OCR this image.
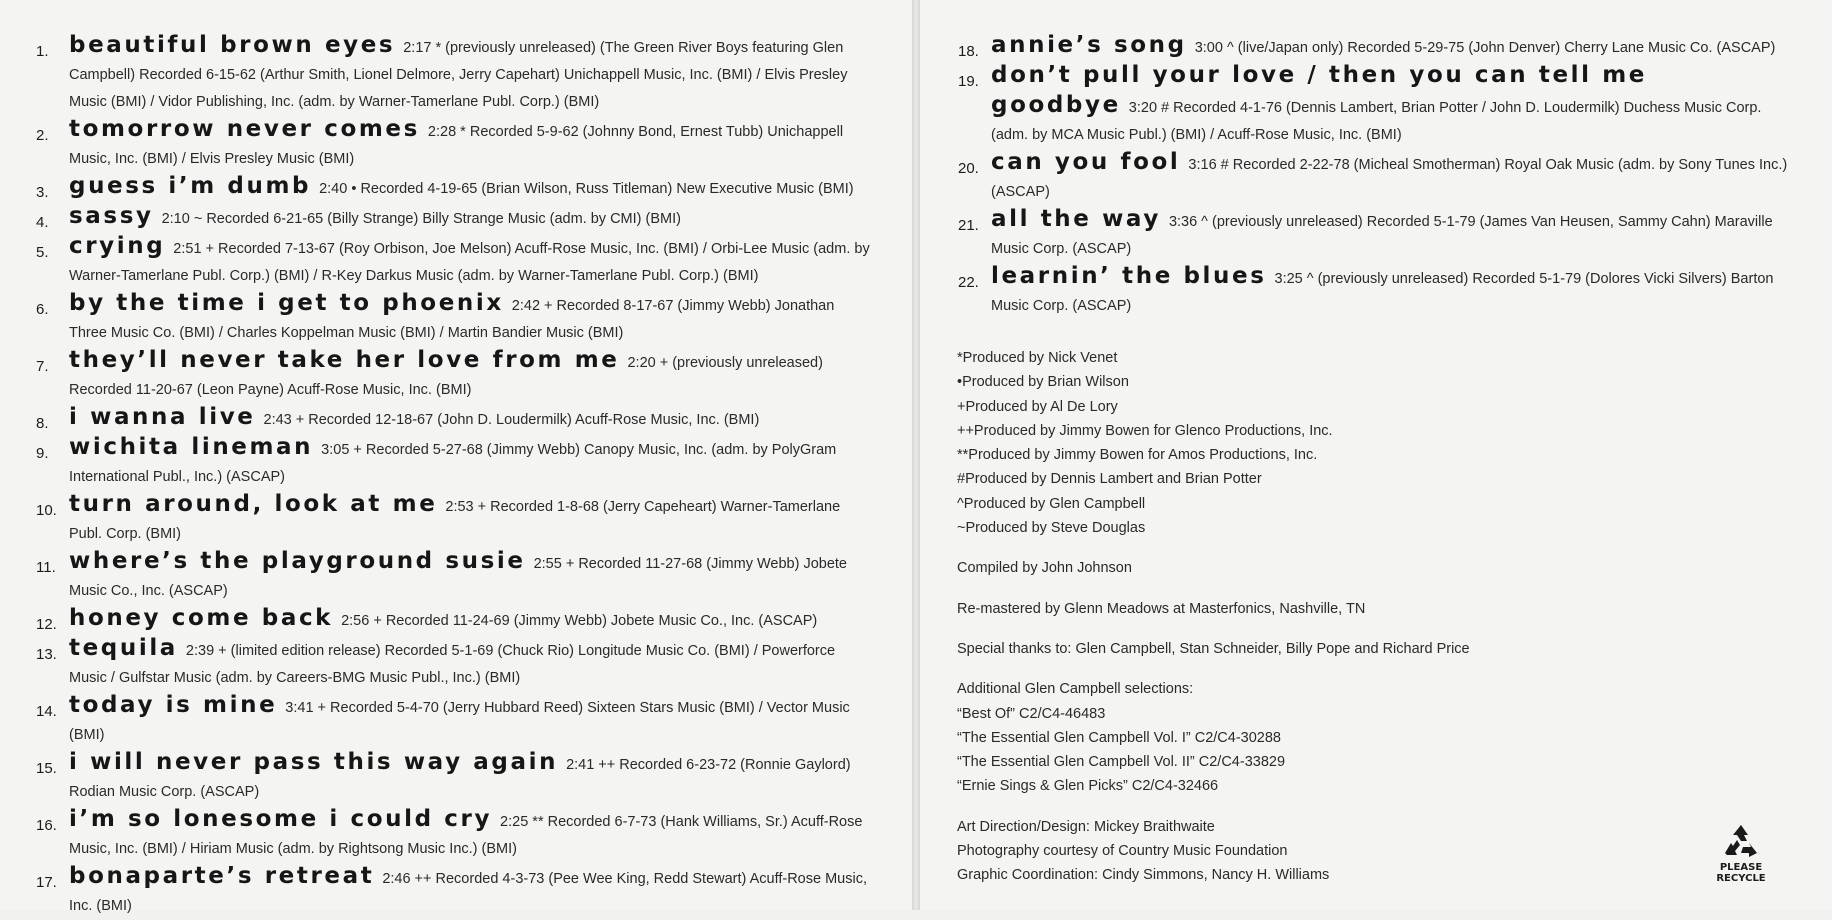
1. beautiful brown eyes 2:17 * (previously unreleased) (The Green River Boys featuring Glen Campbell) Recorded 6-15-62 (Arthur Smith, Lionel Delmore, Jerry Capehart) Unichappell Music, Inc. (BMI) / Elvis Presley Music (BMI) / Vidor Publishing, Inc. (adm. by Warner-Tamerlane Publ. Corp.) (BMI)
2. tomorrow never comes 2:28 * Recorded 5-9-62 (Johnny Bond, Ernest Tubb) Unichappell Music, Inc. (BMI) / Elvis Presley Music (BMI)
3. guess i’m dumb 2:40 • Recorded 4-19-65 (Brian Wilson, Russ Titleman) New Executive Music (BMI)
4. sassy 2:10 ~ Recorded 6-21-65 (Billy Strange) Billy Strange Music (adm. by CMI) (BMI)
5. crying 2:51 + Recorded 7-13-67 (Roy Orbison, Joe Melson) Acuff-Rose Music, Inc. (BMI) / Orbi-Lee Music (adm. by Warner-Tamerlane Publ. Corp.) (BMI) / R-Key Darkus Music (adm. by Warner-Tamerlane Publ. Corp.) (BMI)
6. by the time i get to phoenix 2:42 + Recorded 8-17-67 (Jimmy Webb) Jonathan Three Music Co. (BMI) / Charles Koppelman Music (BMI) / Martin Bandier Music (BMI)
7. they’ll never take her love from me 2:20 + (previously unreleased) Recorded 11-20-67 (Leon Payne) Acuff-Rose Music, Inc. (BMI)
8. i wanna live 2:43 + Recorded 12-18-67 (John D. Loudermilk) Acuff-Rose Music, Inc. (BMI)
9. wichita lineman 3:05 + Recorded 5-27-68 (Jimmy Webb) Canopy Music, Inc. (adm. by PolyGram International Publ., Inc.) (ASCAP)
10. turn around, look at me 2:53 + Recorded 1-8-68 (Jerry Capeheart) Warner-Tamerlane Publ. Corp. (BMI)
11. where’s the playground susie 2:55 + Recorded 11-27-68 (Jimmy Webb) Jobete Music Co., Inc. (ASCAP)
12. honey come back 2:56 + Recorded 11-24-69 (Jimmy Webb) Jobete Music Co., Inc. (ASCAP)
13. tequila 2:39 + (limited edition release) Recorded 5-1-69 (Chuck Rio) Longitude Music Co. (BMI) / Powerforce Music / Gulfstar Music (adm. by Careers-BMG Music Publ., Inc.) (BMI)
14. today is mine 3:41 + Recorded 5-4-70 (Jerry Hubbard Reed) Sixteen Stars Music (BMI) / Vector Music (BMI)
15. i will never pass this way again 2:41 ++ Recorded 6-23-72 (Ronnie Gaylord) Rodian Music Corp. (ASCAP)
16. i’m so lonesome i could cry 2:25 ** Recorded 6-7-73 (Hank Williams, Sr.) Acuff-Rose Music, Inc. (BMI) / Hiriam Music (adm. by Rightsong Music Inc.) (BMI)
17. bonaparte’s retreat 2:46 ++ Recorded 4-3-73 (Pee Wee King, Redd Stewart) Acuff-Rose Music, Inc. (BMI)
18. annie’s song 3:00 ^ (live/Japan only) Recorded 5-29-75 (John Denver) Cherry Lane Music Co. (ASCAP)
19. don’t pull your love / then you can tell me goodbye 3:20 # Recorded 4-1-76 (Dennis Lambert, Brian Potter / John D. Loudermilk) Duchess Music Corp. (adm. by MCA Music Publ.) (BMI) / Acuff-Rose Music, Inc. (BMI)
20. can you fool 3:16 # Recorded 2-22-78 (Micheal Smotherman) Royal Oak Music (adm. by Sony Tunes Inc.) (ASCAP)
21. all the way 3:36 ^ (previously unreleased) Recorded 5-1-79 (James Van Heusen, Sammy Cahn) Maraville Music Corp. (ASCAP)
22. learnin’ the blues 3:25 ^ (previously unreleased) Recorded 5-1-79 (Dolores Vicki Silvers) Barton Music Corp. (ASCAP)

*Produced by Nick Venet

•Produced by Brian Wilson

+Produced by Al De Lory

++Produced by Jimmy Bowen for Glenco Productions, Inc.

**Produced by Jimmy Bowen for Amos Productions, Inc.

#Produced by Dennis Lambert and Brian Potter

^Produced by Glen Campbell

~Produced by Steve Douglas

Compiled by John Johnson

Re-mastered by Glenn Meadows at Masterfonics, Nashville, TN

Special thanks to: Glen Campbell, Stan Schneider, Billy Pope and Richard Price

Additional Glen Campbell selections:

“Best Of” C2/C4-46483

“The Essential Glen Campbell Vol. I” C2/C4-30288

“The Essential Glen Campbell Vol. II” C2/C4-33829

“Ernie Sings & Glen Picks” C2/C4-32466

Art Direction/Design: Mickey Braithwaite

Photography courtesy of Country Music Foundation

Graphic Coordination: Cindy Simmons, Nancy H. Williams	PLEASE
RECYCLE
